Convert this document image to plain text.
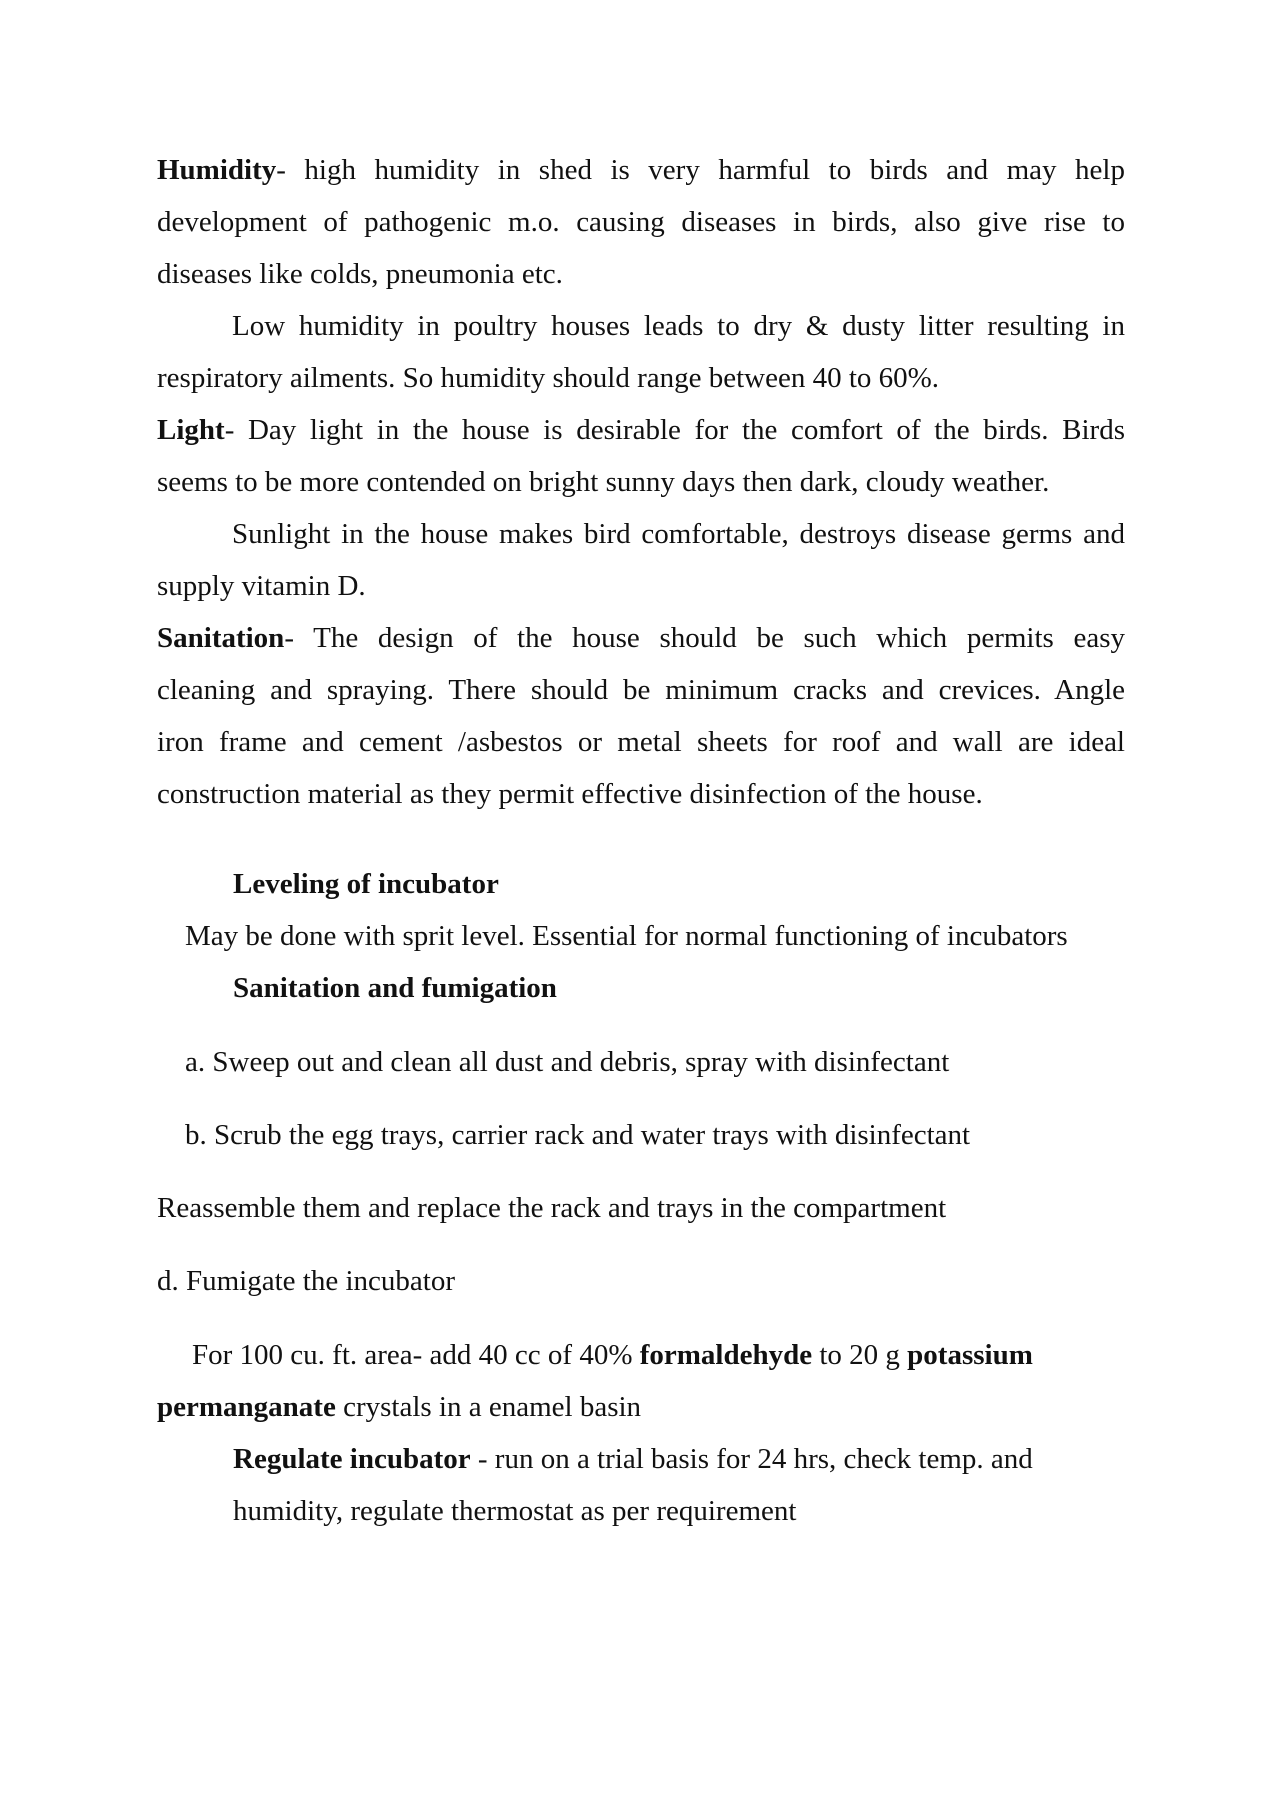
Humidity- high humidity in shed is very harmful to birds and may help
development of pathogenic m.o. causing diseases in birds, also give rise to
diseases like colds, pneumonia etc.
Low humidity in poultry houses leads to dry & dusty litter resulting in
respiratory ailments. So humidity should range between 40 to 60%.
Light- Day light in the house is desirable for the comfort of the birds. Birds
seems to be more contended on bright sunny days then dark, cloudy weather.
Sunlight in the house makes bird comfortable, destroys disease germs and
supply vitamin D.
Sanitation- The design of the house should be such which permits easy
cleaning and spraying. There should be minimum cracks and crevices. Angle
iron frame and cement /asbestos or metal sheets for roof and wall are ideal
construction material as they permit effective disinfection of the house.
Leveling of incubator
May be done with sprit level. Essential for normal functioning of incubators
Sanitation and fumigation
a. Sweep out and clean all dust and debris, spray with disinfectant
b. Scrub the egg trays, carrier rack and water trays with disinfectant
Reassemble them and replace the rack and trays in the compartment
d. Fumigate the incubator
For 100 cu. ft. area- add 40 cc of 40% formaldehyde to 20 g potassium
permanganate crystals in a enamel basin
Regulate incubator - run on a trial basis for 24 hrs, check temp. and
humidity, regulate thermostat as per requirement
